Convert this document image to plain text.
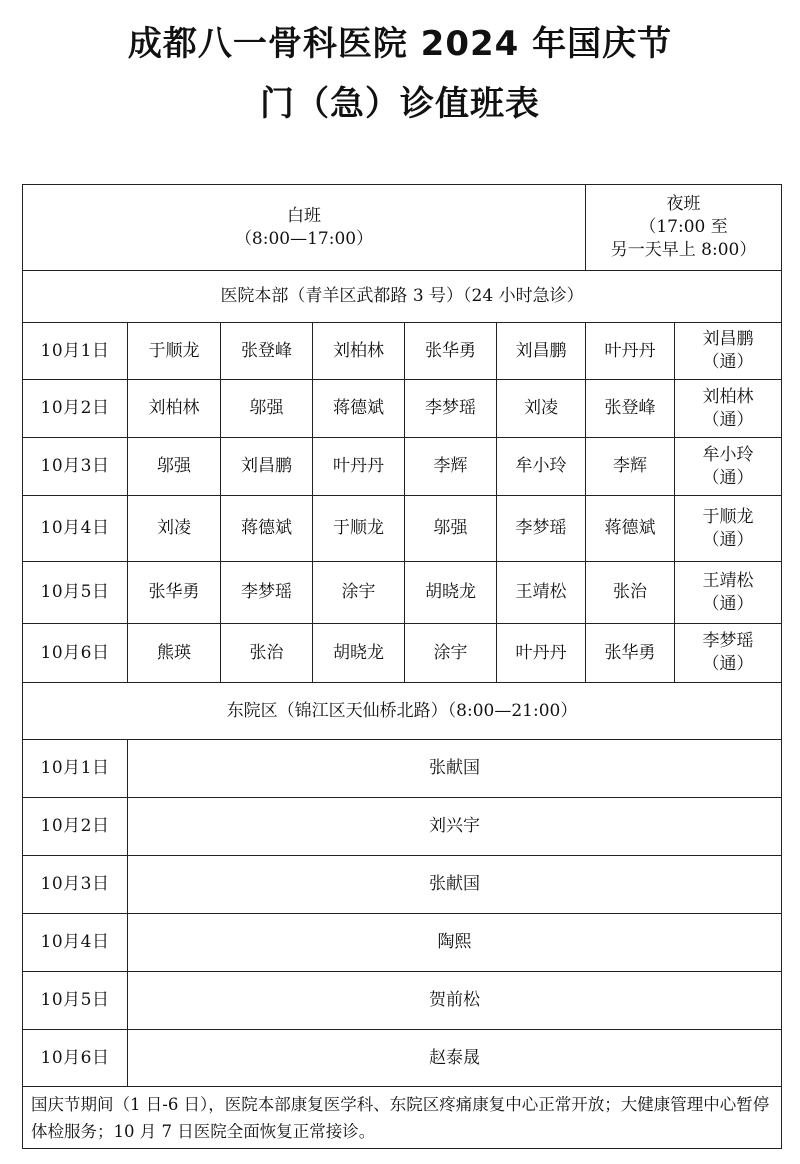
成都八一骨科医院 2024 年国庆节
门（急）诊值班表
白班
（8:00—17:00）						夜班
（17:00 至
另一天早上 8:00）	

医院本部（青羊区武都路 3 号）（24 小时急诊）							
10月1日	于顺龙	张登峰	刘柏林	张华勇	刘昌鹏	叶丹丹	刘昌鹏
（通）

10月2日	刘柏林	邬强	蒋德斌	李梦瑶	刘凌	张登峰	刘柏林
（通）

10月3日	邬强	刘昌鹏	叶丹丹	李辉	牟小玲	李辉	牟小玲
（通）

10月4日	刘凌	蒋德斌	于顺龙	邬强	李梦瑶	蒋德斌	于顺龙
（通）

10月5日	张华勇	李梦瑶	涂宇	胡晓龙	王靖松	张治	王靖松
（通）

10月6日	熊瑛	张治	胡晓龙	涂宇	叶丹丹	张华勇	李梦瑶
（通）

东院区（锦江区天仙桥北路）（8:00—21:00）							
10月1日	张献国						
10月2日	刘兴宇						
10月3日	张献国						
10月4日	陶熙						
10月5日	贺前松						
10月6日	赵泰晟						
国庆节期间（1 日-6 日），医院本部康复医学科、东院区疼痛康复中心正常开放；大健康管理中心暂停体检服务；10 月 7 日医院全面恢复正常接诊。							
